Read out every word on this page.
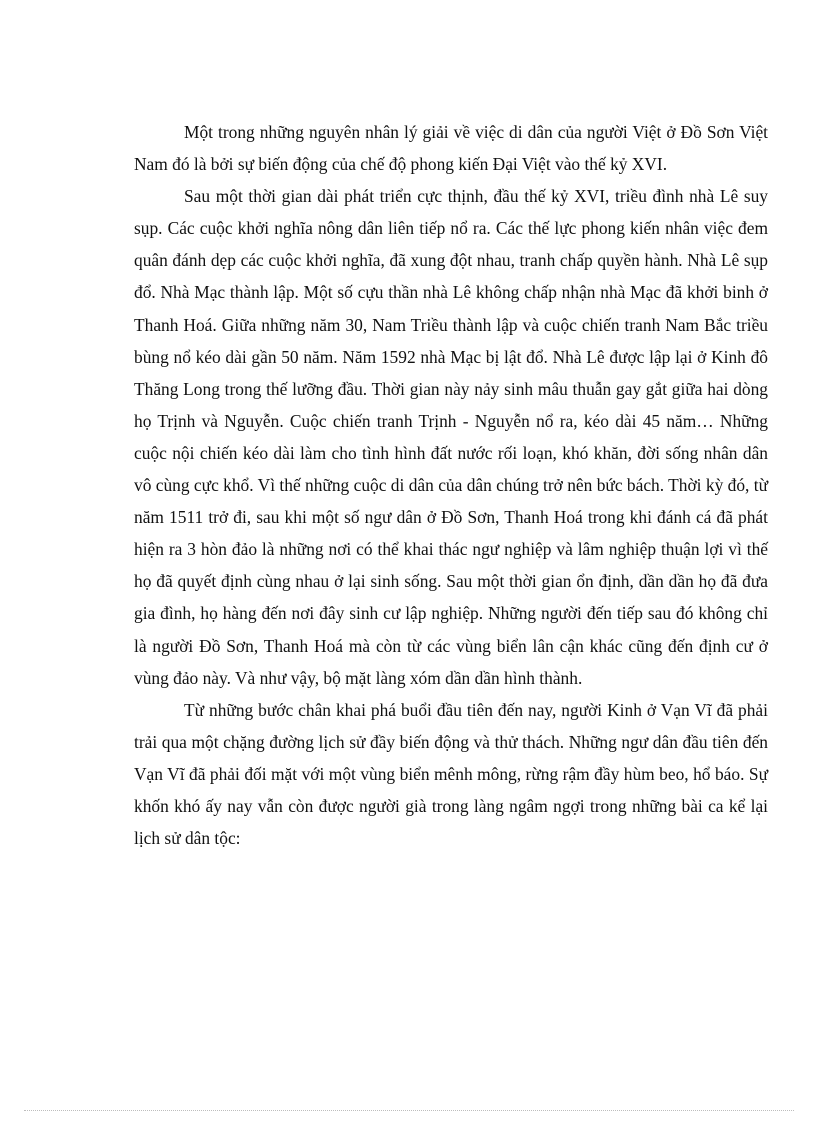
Một trong những nguyên nhân lý giải về việc di dân của người Việt ở Đồ Sơn Việt Nam đó là bởi sự biến động của chế độ phong kiến Đại Việt vào thế kỷ XVI.

Sau một thời gian dài phát triển cực thịnh, đầu thế kỷ XVI, triều đình nhà Lê suy sụp. Các cuộc khởi nghĩa nông dân liên tiếp nổ ra. Các thế lực phong kiến nhân việc đem quân đánh dẹp các cuộc khởi nghĩa, đã xung đột nhau, tranh chấp quyền hành. Nhà Lê sụp đổ. Nhà Mạc thành lập. Một số cựu thần nhà Lê không chấp nhận nhà Mạc đã khởi binh ở Thanh Hoá. Giữa những năm 30, Nam Triều thành lập và cuộc chiến tranh Nam Bắc triều bùng nổ kéo dài gần 50 năm. Năm 1592 nhà Mạc bị lật đổ. Nhà Lê được lập lại ở Kinh đô Thăng Long trong thế lưỡng đầu. Thời gian này nảy sinh mâu thuẫn gay gắt giữa hai dòng họ Trịnh và Nguyễn. Cuộc chiến tranh Trịnh - Nguyễn nổ ra, kéo dài 45 năm… Những cuộc nội chiến kéo dài làm cho tình hình đất nước rối loạn, khó khăn, đời sống nhân dân vô cùng cực khổ. Vì thế những cuộc di dân của dân chúng trở nên bức bách. Thời kỳ đó, từ năm 1511 trở đi, sau khi một số ngư dân ở Đồ Sơn, Thanh Hoá trong khi đánh cá đã phát hiện ra 3 hòn đảo là những nơi có thể khai thác ngư nghiệp và lâm nghiệp thuận lợi vì thế họ đã quyết định cùng nhau ở lại sinh sống. Sau một thời gian ổn định, dần dần họ đã đưa gia đình, họ hàng đến nơi đây sinh cư lập nghiệp. Những người đến tiếp sau đó không chỉ là người Đồ Sơn, Thanh Hoá mà còn từ các vùng biển lân cận khác cũng đến định cư ở vùng đảo này. Và như vậy, bộ mặt làng xóm dần dần hình thành.

Từ những bước chân khai phá buổi đầu tiên đến nay, người Kinh ở Vạn Vĩ đã phải trải qua một chặng đường lịch sử đầy biến động và thử thách. Những ngư dân đầu tiên đến Vạn Vĩ đã phải đối mặt với một vùng biển mênh mông, rừng rậm đầy hùm beo, hổ báo. Sự khốn khó ấy nay vẫn còn được người già trong làng ngâm ngợi trong những bài ca kể lại lịch sử dân tộc:
